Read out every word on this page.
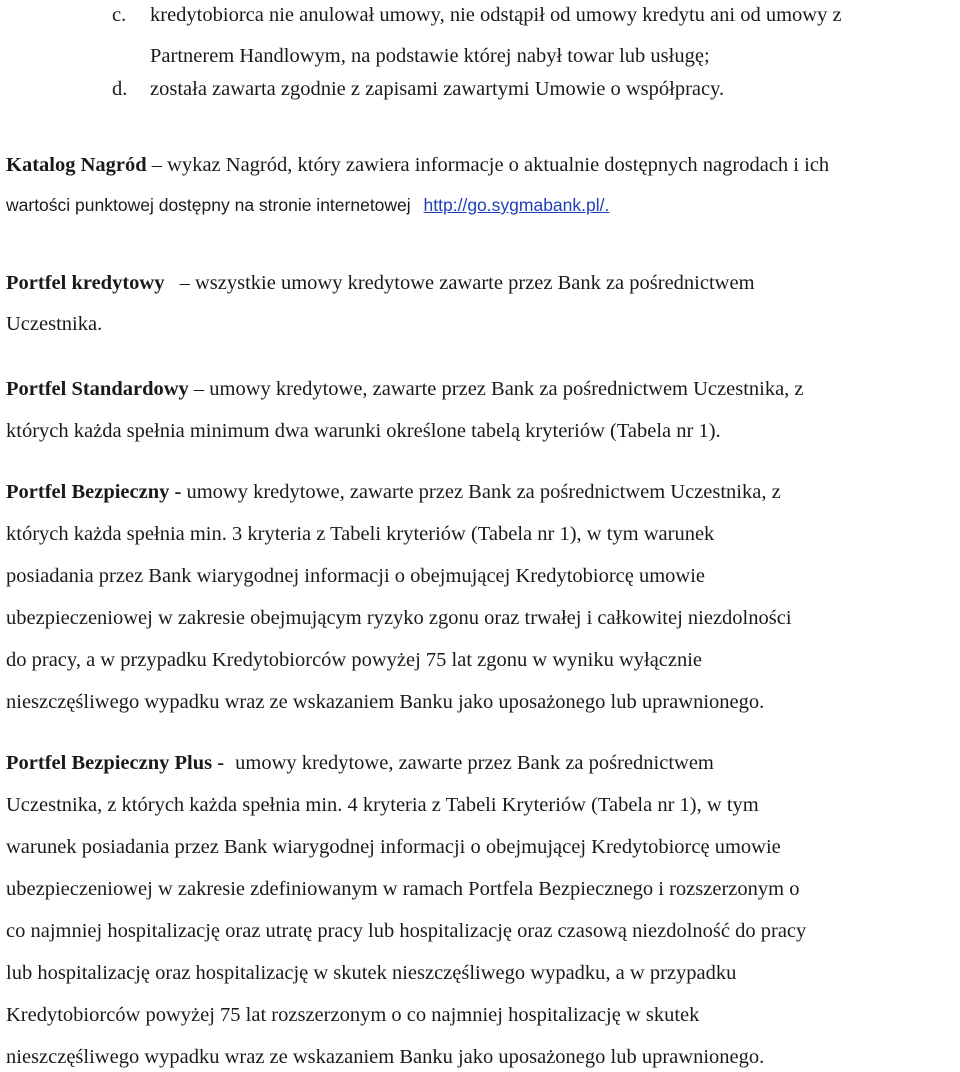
c. kredytobiorca nie anulował umowy, nie odstąpił od umowy kredytu ani od umowy z
Partnerem Handlowym, na podstawie której nabył towar lub usługę;
d. została zawarta zgodnie z zapisami zawartymi Umowie o współpracy.
Katalog Nagród – wykaz Nagród, który zawiera informacje o aktualnie dostępnych nagrodach i ich
wartości punktowej dostępny na stronie internetowej http://go.sygmabank.pl/.
Portfel kredytowy – wszystkie umowy kredytowe zawarte przez Bank za pośrednictwem
Uczestnika.
Portfel Standardowy – umowy kredytowe, zawarte przez Bank za pośrednictwem Uczestnika, z
których każda spełnia minimum dwa warunki określone tabelą kryteriów (Tabela nr 1).
Portfel Bezpieczny - umowy kredytowe, zawarte przez Bank za pośrednictwem Uczestnika, z
których każda spełnia min. 3 kryteria z Tabeli kryteriów (Tabela nr 1), w tym warunek
posiadania przez Bank wiarygodnej informacji o obejmującej Kredytobiorcę umowie
ubezpieczeniowej w zakresie obejmującym ryzyko zgonu oraz trwałej i całkowitej niezdolności
do pracy, a w przypadku Kredytobiorców powyżej 75 lat zgonu w wyniku wyłącznie
nieszczęśliwego wypadku wraz ze wskazaniem Banku jako uposażonego lub uprawnionego.
Portfel Bezpieczny Plus - umowy kredytowe, zawarte przez Bank za pośrednictwem
Uczestnika, z których każda spełnia min. 4 kryteria z Tabeli Kryteriów (Tabela nr 1), w tym
warunek posiadania przez Bank wiarygodnej informacji o obejmującej Kredytobiorcę umowie
ubezpieczeniowej w zakresie zdefiniowanym w ramach Portfela Bezpiecznego i rozszerzonym o
co najmniej hospitalizację oraz utratę pracy lub hospitalizację oraz czasową niezdolność do pracy
lub hospitalizację oraz hospitalizację w skutek nieszczęśliwego wypadku, a w przypadku
Kredytobiorców powyżej 75 lat rozszerzonym o co najmniej hospitalizację w skutek
nieszczęśliwego wypadku wraz ze wskazaniem Banku jako uposażonego lub uprawnionego.
